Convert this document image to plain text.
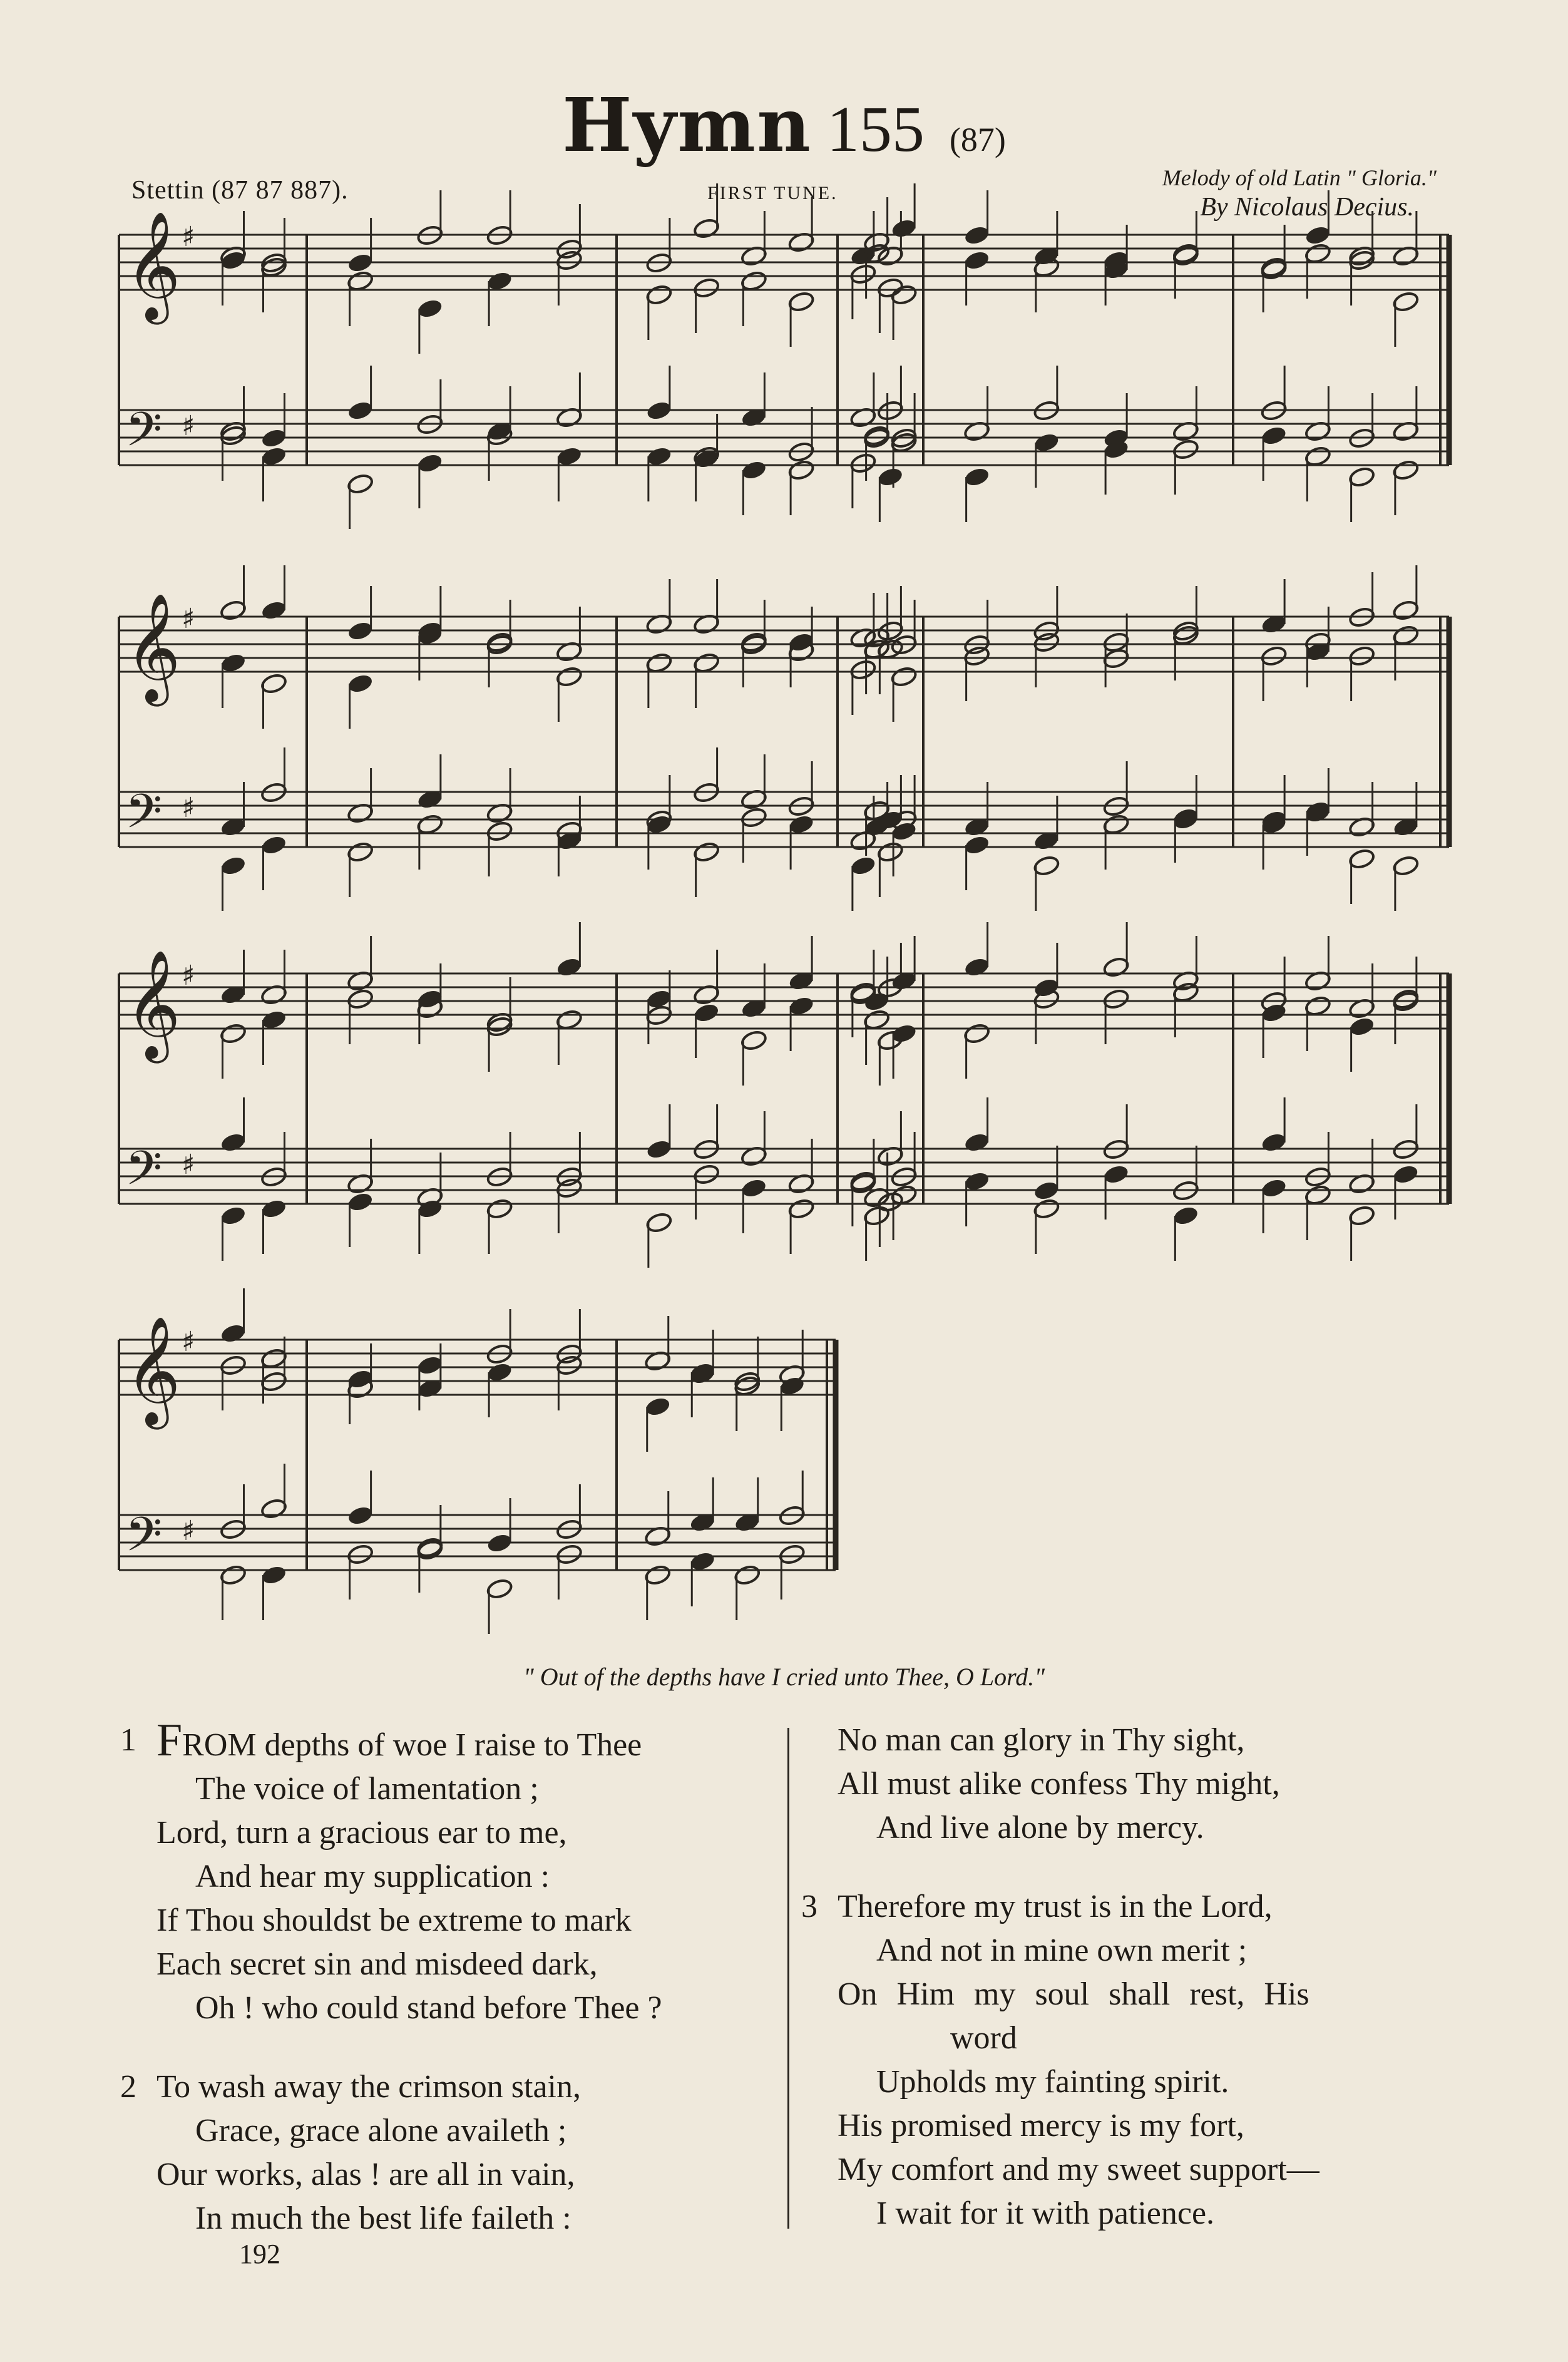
Hymn 155 (87)
Stettin (87 87 887).	FIRST TUNE.
Melody of old Latin " Gloria."
By Nicolaus Decius.
𝄞
𝄢
♯
♯
𝄞
𝄢
♯
♯
𝄞
𝄢
♯
♯
𝄞
𝄢
♯
♯
" Out of the depths have I cried unto Thee, O Lord."
1 FROM depths of woe I raise to Thee
The voice of lamentation ;
Lord, turn a gracious ear to me,
And hear my supplication :
If Thou shouldst be extreme to mark
Each secret sin and misdeed dark,
Oh ! who could stand before Thee ?
2 To wash away the crimson stain,
Grace, grace alone availeth ;
Our works, alas ! are all in vain,
In much the best life faileth :
No man can glory in Thy sight,
All must alike confess Thy might,
And live alone by mercy.
3 Therefore my trust is in the Lord,
And not in mine own merit ;
On Him my soul shall rest, His
word
Upholds my fainting spirit.
His promised mercy is my fort,
My comfort and my sweet support—
I wait for it with patience.
192
